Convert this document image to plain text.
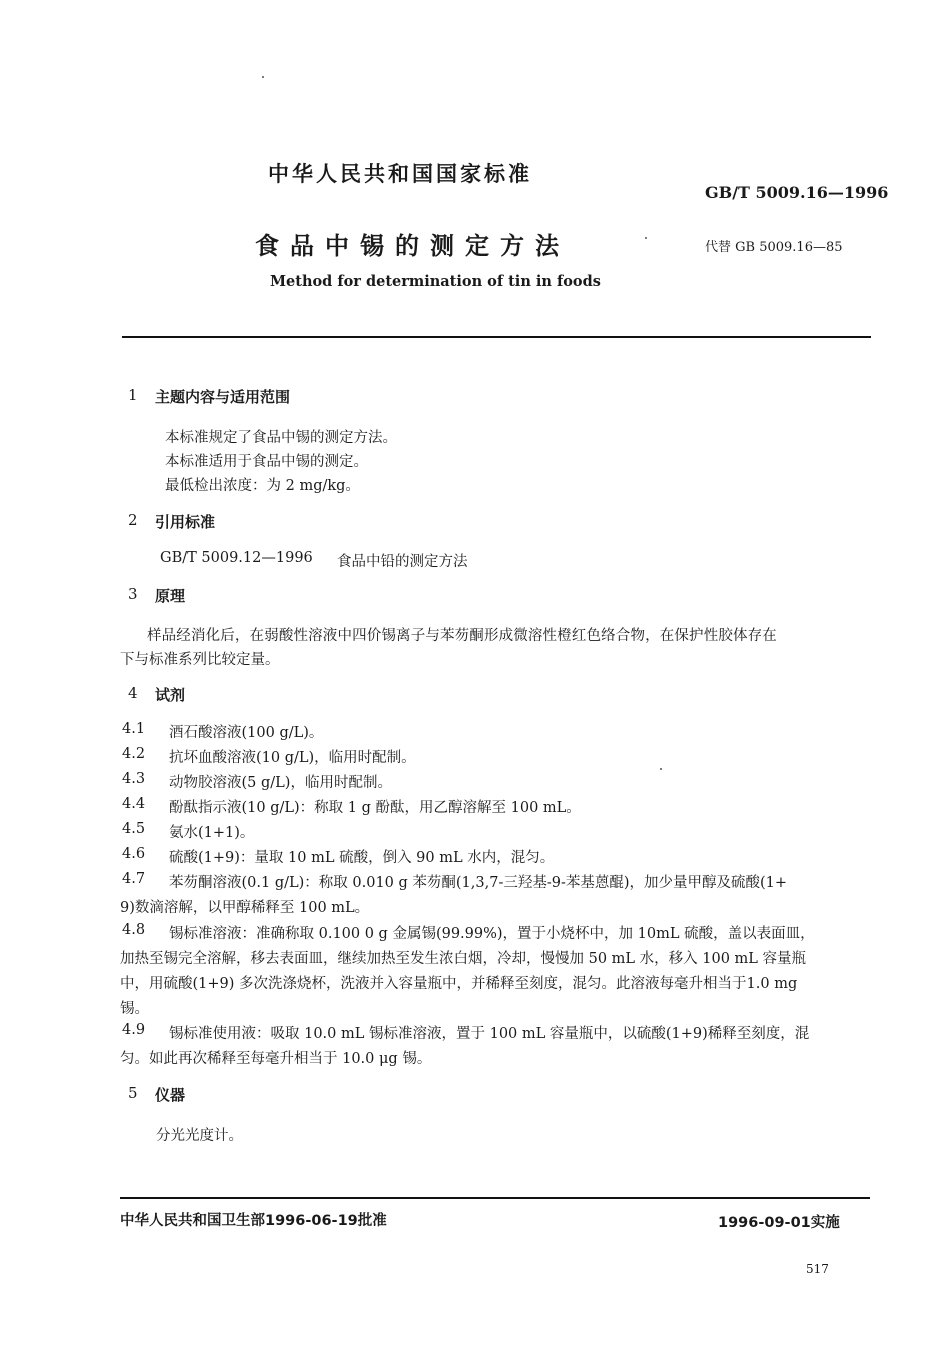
中华人民共和国国家标准
GB/T 5009.16—1996
食品中锡的测定方法	代替 GB 5009.16—85
Method for determination of tin in foods
1 主题内容与适用范围
本标准规定了食品中锡的测定方法。
本标准适用于食品中锡的测定。
最低检出浓度：为 2 mg/kg。
2 引用标准
GB/T 5009.12—1996 食品中铅的测定方法
3 原理
样品经消化后，在弱酸性溶液中四价锡离子与苯芴酮形成微溶性橙红色络合物，在保护性胶体存在
下与标准系列比较定量。
4 试剂
4.1 酒石酸溶液(100 g/L)。
4.2 抗坏血酸溶液(10 g/L)，临用时配制。
4.3 动物胶溶液(5 g/L)，临用时配制。
4.4 酚酞指示液(10 g/L)：称取 1 g 酚酞，用乙醇溶解至 100 mL。
4.5 氨水(1+1)。
4.6 硫酸(1+9)：量取 10 mL 硫酸，倒入 90 mL 水内，混匀。
4.7 苯芴酮溶液(0.1 g/L)：称取 0.010 g 苯芴酮(1,3,7-三羟基-9-苯基蒽醌)，加少量甲醇及硫酸(1+
9)数滴溶解，以甲醇稀释至 100 mL。
4.8 锡标准溶液：准确称取 0.100 0 g 金属锡(99.99%)，置于小烧杯中，加 10mL 硫酸，盖以表面皿，
加热至锡完全溶解，移去表面皿，继续加热至发生浓白烟，冷却，慢慢加 50 mL 水，移入 100 mL 容量瓶
中，用硫酸(1+9) 多次洗涤烧杯，洗液并入容量瓶中，并稀释至刻度，混匀。此溶液每毫升相当于1.0 mg
锡。
4.9 锡标准使用液：吸取 10.0 mL 锡标准溶液，置于 100 mL 容量瓶中，以硫酸(1+9)稀释至刻度，混
匀。如此再次稀释至每毫升相当于 10.0 μg 锡。
5 仪器
分光光度计。
中华人民共和国卫生部1996-06-19批准	1996-09-01实施
517
